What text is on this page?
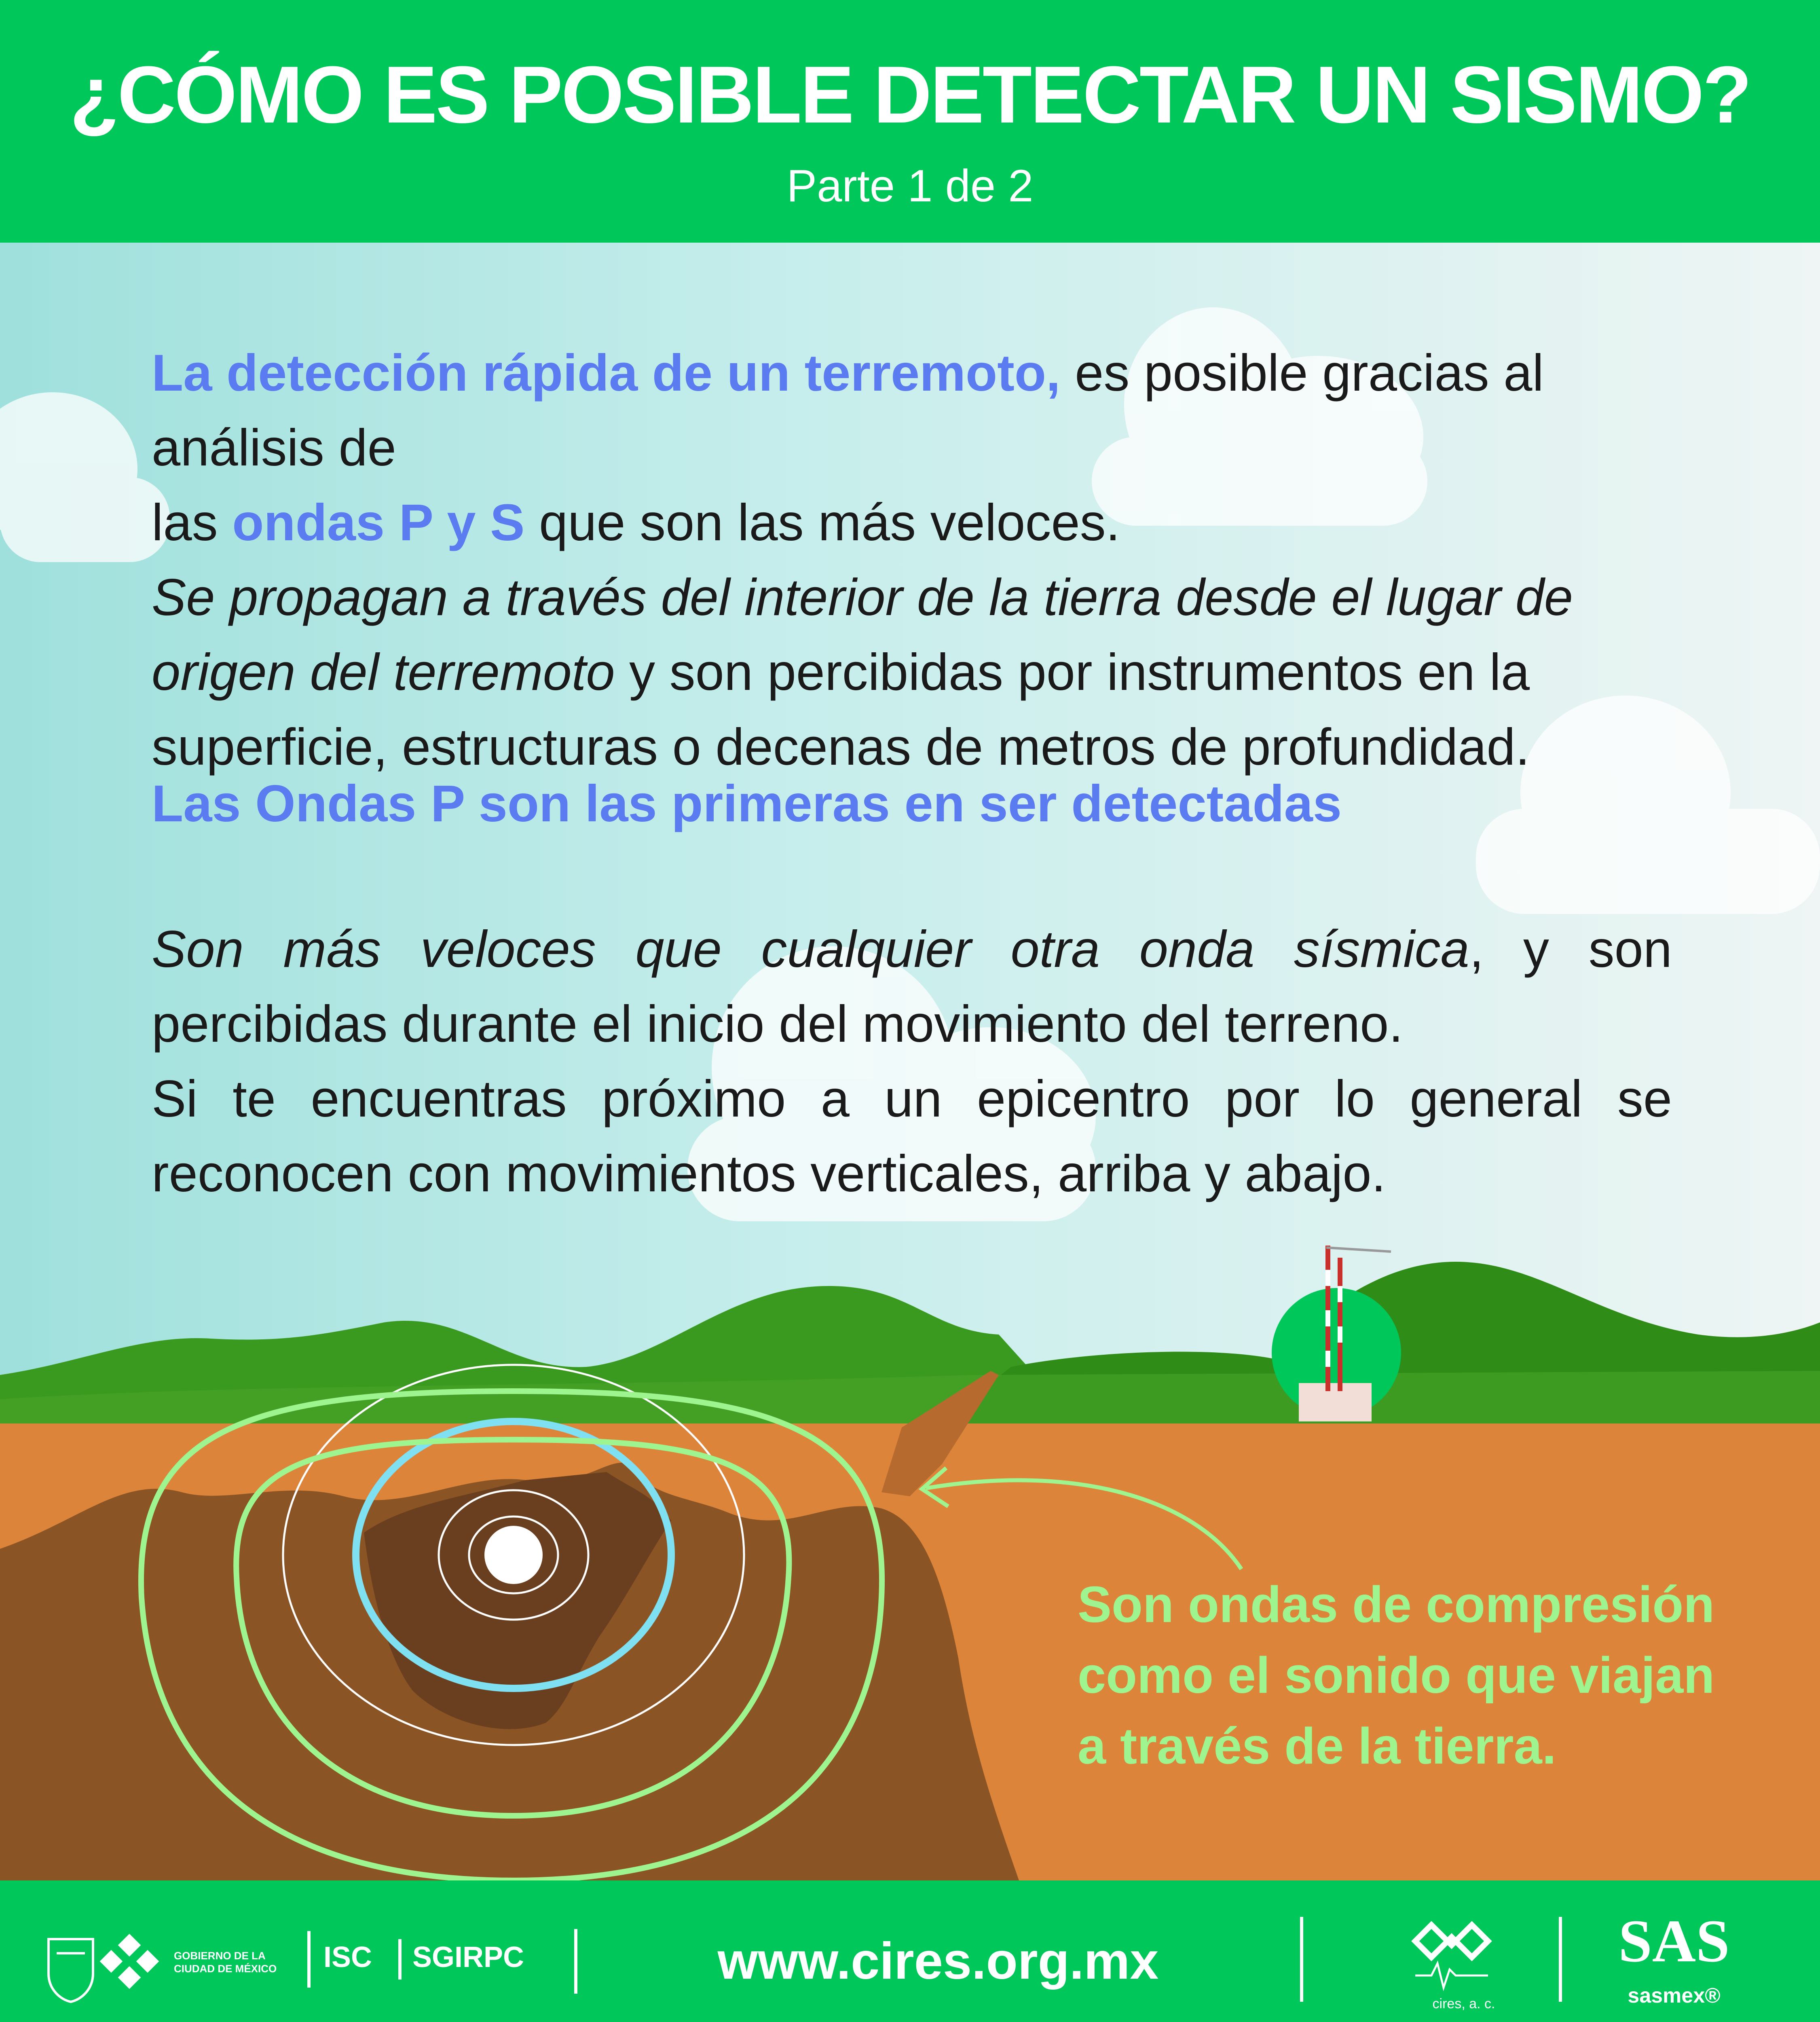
¿CÓMO ES POSIBLE DETECTAR UN SISMO?
Parte 1 de 2
La detección rápida de un terremoto, es posible gracias al análisis de
las ondas P y S que son las más veloces.
Se propagan a través del interior de la tierra desde el lugar de origen del terremoto y son percibidas por instrumentos en la superficie, estructuras o decenas de metros de profundidad.
Las Ondas P son las primeras en ser detectadas
Son más veloces que cualquier otra onda sísmica, y son percibidas durante el inicio del movimiento del terreno.
Si te encuentras próximo a un epicentro por lo general se reconocen con movimientos verticales, arriba y abajo.
Son ondas de compresión como el sonido que viajan a través de la tierra.
GOBIERNO DE LA
CIUDAD DE MÉXICO	ISC SGIRPC	www.cires.org.mx
cires, a. c.
SAS
sasmex®
